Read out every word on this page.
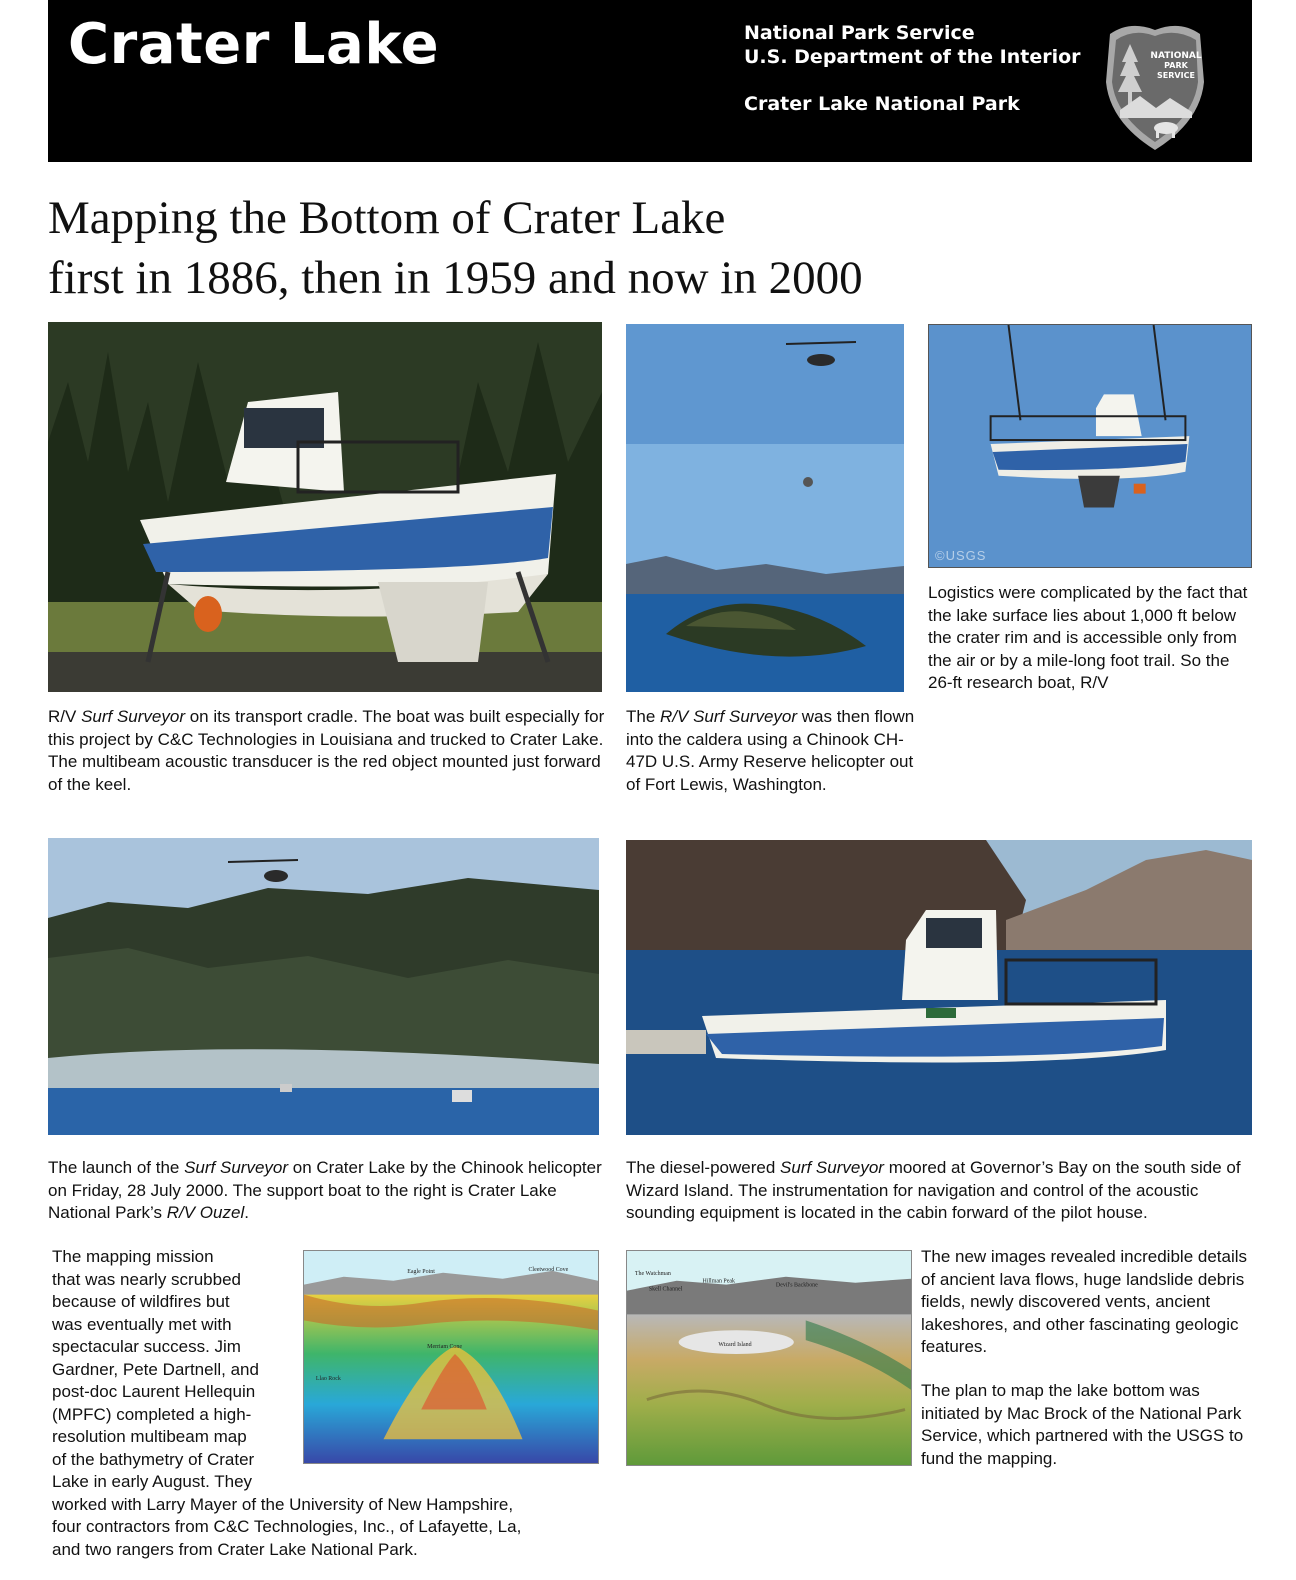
Crater Lake	National Park Service
U.S. Department of the Interior
Crater Lake National Park
NATIONAL
PARK
SERVICE
Mapping the Bottom of Crater Lake
first in 1886, then in 1959 and now in 2000
©USGS
Logistics were complicated by the fact that the lake surface lies about 1,000 ft below the crater rim and is accessible only from the air or by a mile-long foot trail. So the 26-ft research boat, R/V
R/V Surf Surveyor on its transport cradle. The boat was built especially for this project by C&C Technologies in Louisiana and trucked to Crater Lake. The multibeam acoustic transducer is the red object mounted just forward of the keel.
The R/V Surf Surveyor was then flown into the caldera using a Chinook CH-47D U.S. Army Reserve helicopter out of Fort Lewis, Washington.
The launch of the Surf Surveyor on Crater Lake by the Chinook helicopter on Friday, 28 July 2000. The support boat to the right is Crater Lake National Park’s R/V Ouzel.
The diesel-powered Surf Surveyor moored at Governor’s Bay on the south side of Wizard Island. The instrumentation for navigation and control of the acoustic sounding equipment is located in the cabin forward of the pilot house.
The mapping mission
that was nearly scrubbed
because of wildfires but
was eventually met with
spectacular success. Jim
Gardner, Pete Dartnell, and
post-doc Laurent Hellequin
(MPFC) completed a high-
resolution multibeam map
of the bathymetry of Crater
Lake in early August. They
worked with Larry Mayer of the University of New Hampshire,
four contractors from C&C Technologies, Inc., of Lafayette, La,
and two rangers from Crater Lake National Park.
Eagle Point	Cleetwood Cove
Merriam Cone
Llao Rock
The Watchman
Skell Channel
Hillman Peak
Devil's Backbone
Wizard Island
The new images revealed incredible details of ancient lava flows, huge landslide debris fields, newly discovered vents, ancient lakeshores, and other fascinating geologic features.
The plan to map the lake bottom was initiated by Mac Brock of the National Park Service, which partnered with the USGS to fund the mapping.
